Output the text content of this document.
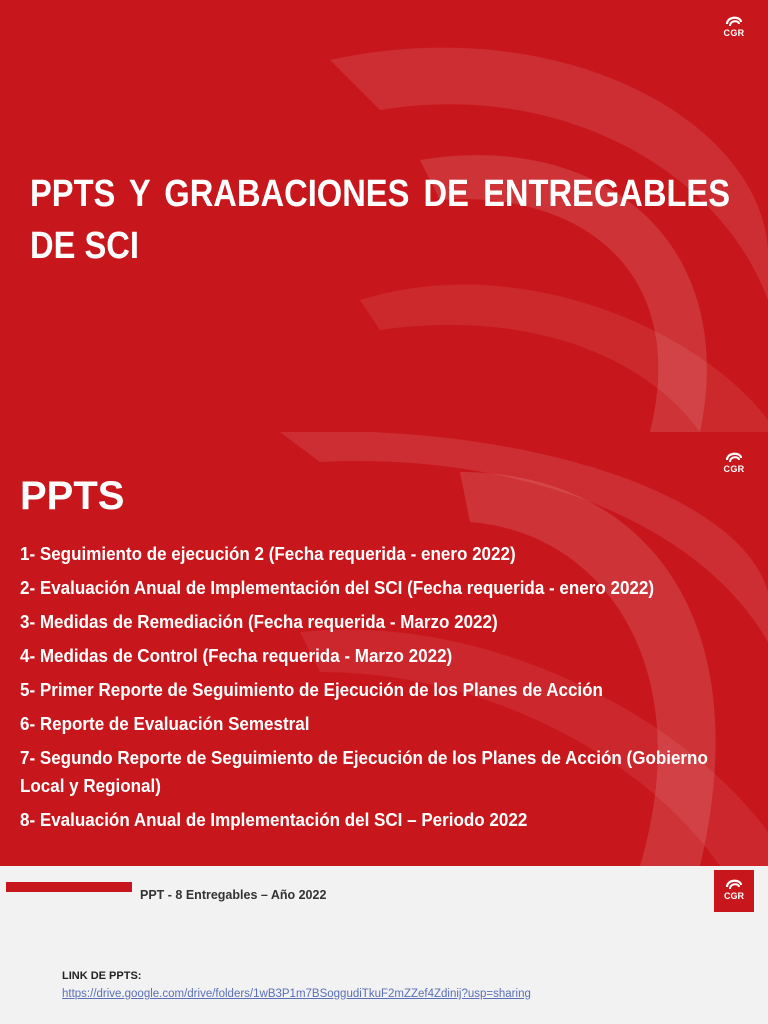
CGR
PPTS Y GRABACIONES DE ENTREGABLES DE SCI
CGR
PPTS
1- Seguimiento de ejecución 2 (Fecha requerida - enero 2022)
2- Evaluación Anual de Implementación del SCI (Fecha requerida - enero 2022)
3- Medidas de Remediación (Fecha requerida - Marzo 2022)
4- Medidas de Control (Fecha requerida - Marzo 2022)
5- Primer Reporte de Seguimiento de Ejecución de los Planes de Acción
6- Reporte de Evaluación Semestral
7- Segundo Reporte de Seguimiento de Ejecución de los Planes de Acción (Gobierno Local y Regional)
8- Evaluación Anual de Implementación del SCI – Periodo 2022
PPT - 8 Entregables – Año 2022	CGR
LINK DE PPTS:
https://drive.google.com/drive/folders/1wB3P1m7BSoggudiTkuF2mZZef4Zdinij?usp=sharing
